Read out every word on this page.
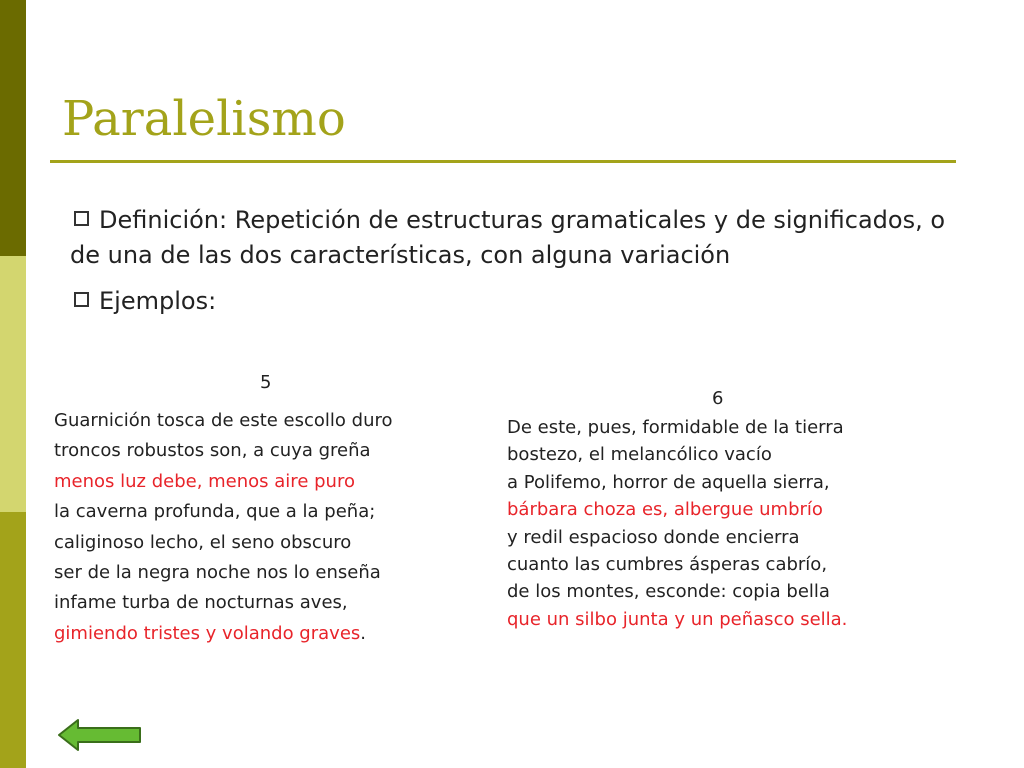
Paralelismo
Definición: Repetición de estructuras gramaticales y de significados, o de una de las dos características, con alguna variación
Ejemplos:
5
Guarnición tosca de este escollo duro
troncos robustos son, a cuya greña
menos luz debe, menos aire puro
la caverna profunda, que a la peña;
caliginoso lecho, el seno obscuro
ser de la negra noche nos lo enseña
infame turba de nocturnas aves,
gimiendo tristes y volando graves.
6
De este, pues, formidable de la tierra
bostezo, el melancólico vacío
a Polifemo, horror de aquella sierra,
bárbara choza es, albergue umbrío
y redil espacioso donde encierra
cuanto las cumbres ásperas cabrío,
de los montes, esconde: copia bella
que un silbo junta y un peñasco sella.
